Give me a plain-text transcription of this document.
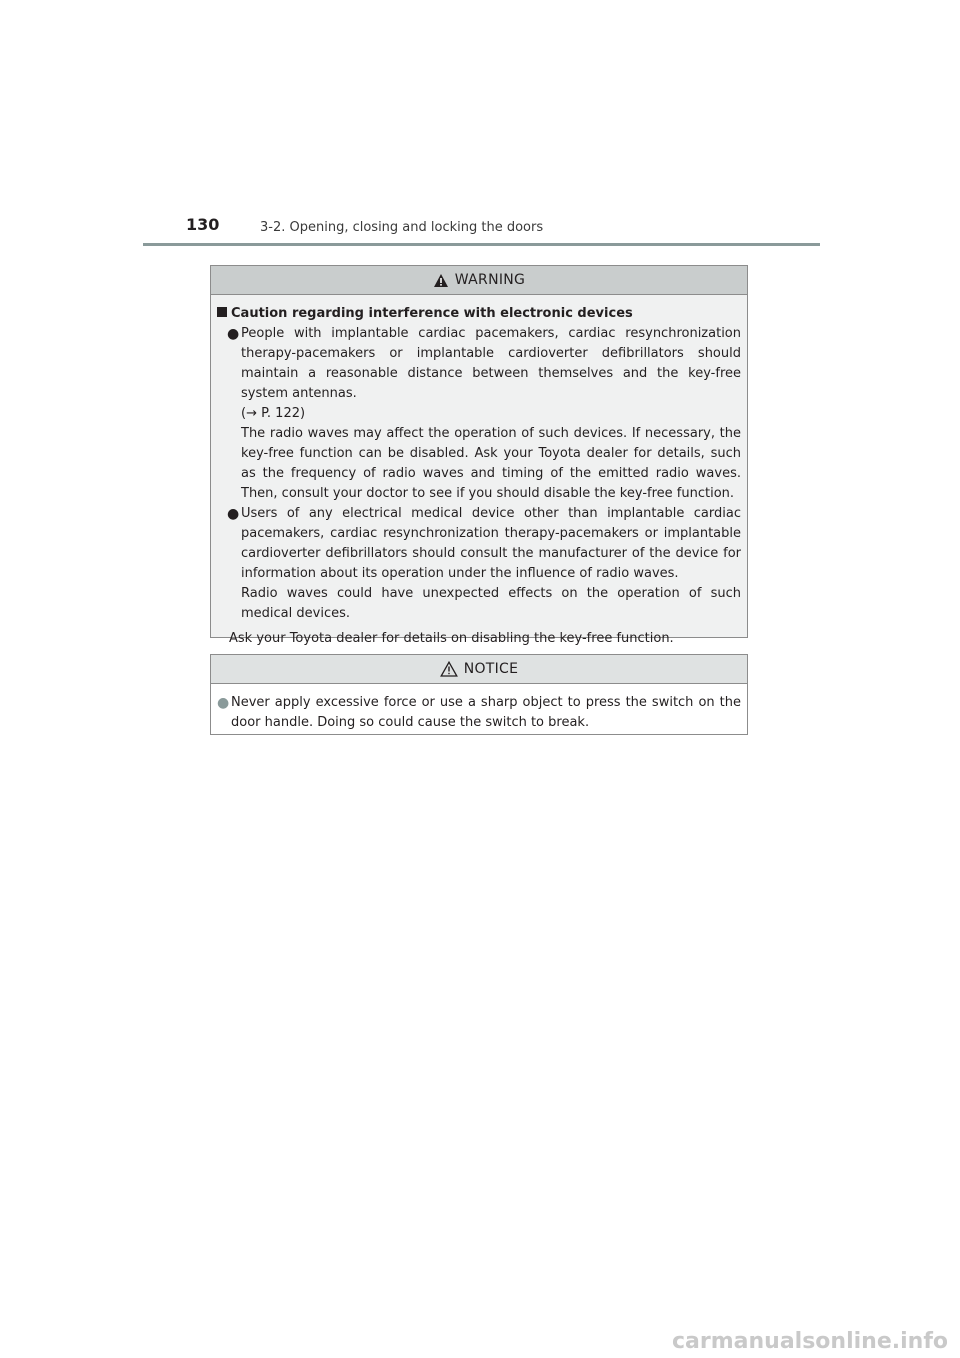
130	3-2. Opening, closing and locking the doors
WARNING
Caution regarding interference with electronic devices
● People with implantable cardiac pacemakers, cardiac resynchronization therapy-pacemakers or implantable cardioverter defibrillators should maintain a reasonable distance between themselves and the key-free system antennas.

(→ P. 122)

The radio waves may affect the operation of such devices. If necessary, the key-free function can be disabled. Ask your Toyota dealer for details, such as the frequency of radio waves and timing of the emitted radio waves. Then, consult your doctor to see if you should disable the key-free function.

● Users of any electrical medical device other than implantable cardiac pacemakers, cardiac resynchronization therapy-pacemakers or implantable cardioverter defibrillators should consult the manufacturer of the device for information about its operation under the influence of radio waves.

Radio waves could have unexpected effects on the operation of such medical devices.

Ask your Toyota dealer for details on disabling the key-free function.

NOTICE
● Never apply excessive force or use a sharp object to press the switch on the door handle. Doing so could cause the switch to break.

carmanualsonline.info
